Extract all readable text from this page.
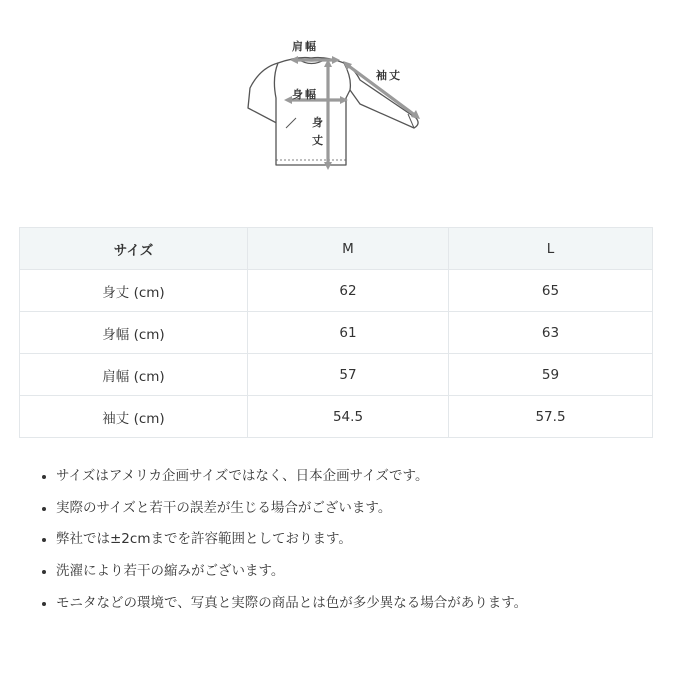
肩幅
袖丈
身幅
身
丈
サイズ	M	L
身丈 (cm)	62	65
身幅 (cm)	61	63
肩幅 (cm)	57	59
袖丈 (cm)	54.5	57.5
• サイズはアメリカ企画サイズではなく、日本企画サイズです。
• 実際のサイズと若干の誤差が生じる場合がございます。
• 弊社では±2cmまでを許容範囲としております。
• 洗濯により若干の縮みがございます。
• モニタなどの環境で、写真と実際の商品とは色が多少異なる場合があります。
